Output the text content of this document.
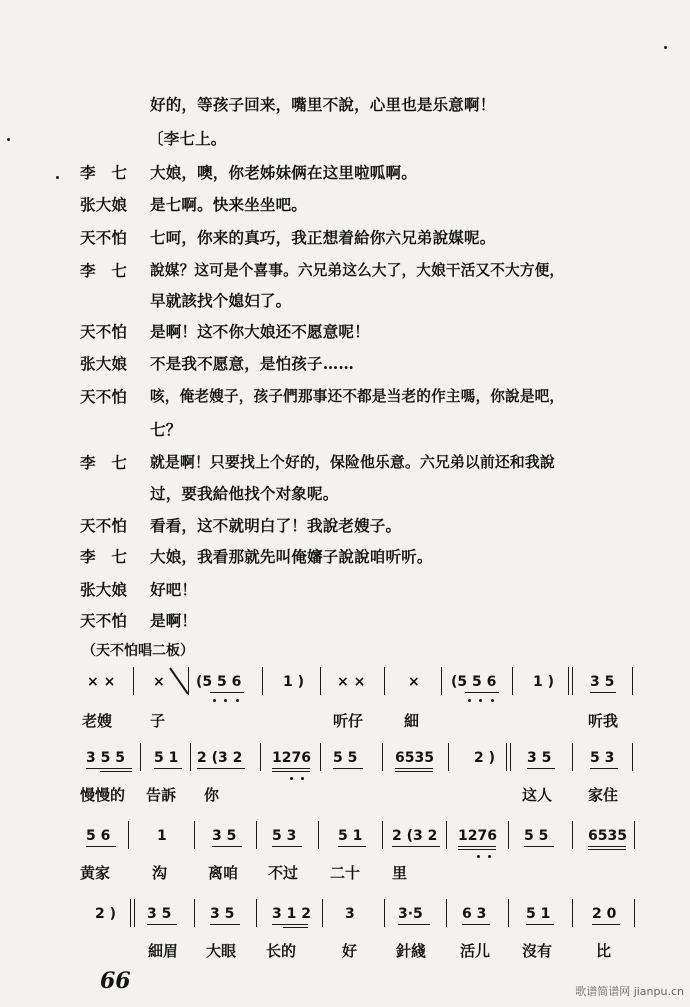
好的，等孩子回来，嘴里不說，心里也是乐意啊！
〔李七上。
李　七 大娘，噢，你老姊妹俩在这里啦呱啊。
张大娘 是七啊。快来坐坐吧。
天不怕 七呵，你来的真巧，我正想着給你六兄弟說媒呢。
李　七 說媒？这可是个喜事。六兄弟这么大了，大娘干活又不大方便，
早就該找个媳妇了。
天不怕 是啊！这不你大娘还不愿意呢！
张大娘 不是我不愿意，是怕孩子……
天不怕 咳，俺老嫂子，孩子們那事还不都是当老的作主嗎，你說是吧，
七？
李　七 就是啊！只要找上个好的，保险他乐意。六兄弟以前还和我說
过，要我給他找个对象呢。
天不怕 看看，这不就明白了！我說老嫂子。
李　七 大娘，我看那就先叫俺嬸子說說咱听听。
张大娘 好吧！
天不怕 是啊！
（天不怕唱二板）
× ×	× (5 5 6	1 ) × ×	× (5 5 6	1 )	3 5
老嫂	子	听仔	細	听我
3 5 5 5 1 2 (3 2 1276 5 5	6535	2 ) 3 5	5 3
慢慢的 告訴 你	这人 家住
5 6	1	3 5	5 3	5 1 2 (3 2 1276 5 5	6535
黄家	沟	离咱 不过 二十 里
2 ) 3 5	3 5	3 1 2 3	3·5	6 3	5 1	2 0
細眉 大眼 长的	好	針綫 活儿 沒有	比
66	歌谱简谱网 jianpu.cn
